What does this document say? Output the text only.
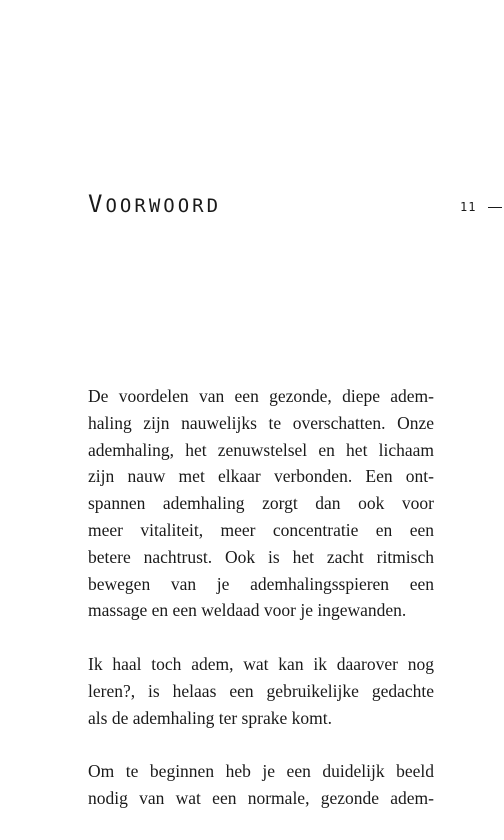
VOORWOORD	11

De voordelen van een gezonde, diepe adem-
haling zijn nauwelijks te overschatten. Onze
ademhaling, het zenuwstelsel en het lichaam
zijn nauw met elkaar verbonden. Een ont-
spannen ademhaling zorgt dan ook voor
meer vitaliteit, meer concentratie en een
betere nachtrust. Ook is het zacht ritmisch
bewegen van je ademhalingsspieren een
massage en een weldaad voor je ingewanden.

Ik haal toch adem, wat kan ik daarover nog
leren?, is helaas een gebruikelijke gedachte
als de ademhaling ter sprake komt.

Om te beginnen heb je een duidelijk beeld
nodig van wat een normale, gezonde adem-
